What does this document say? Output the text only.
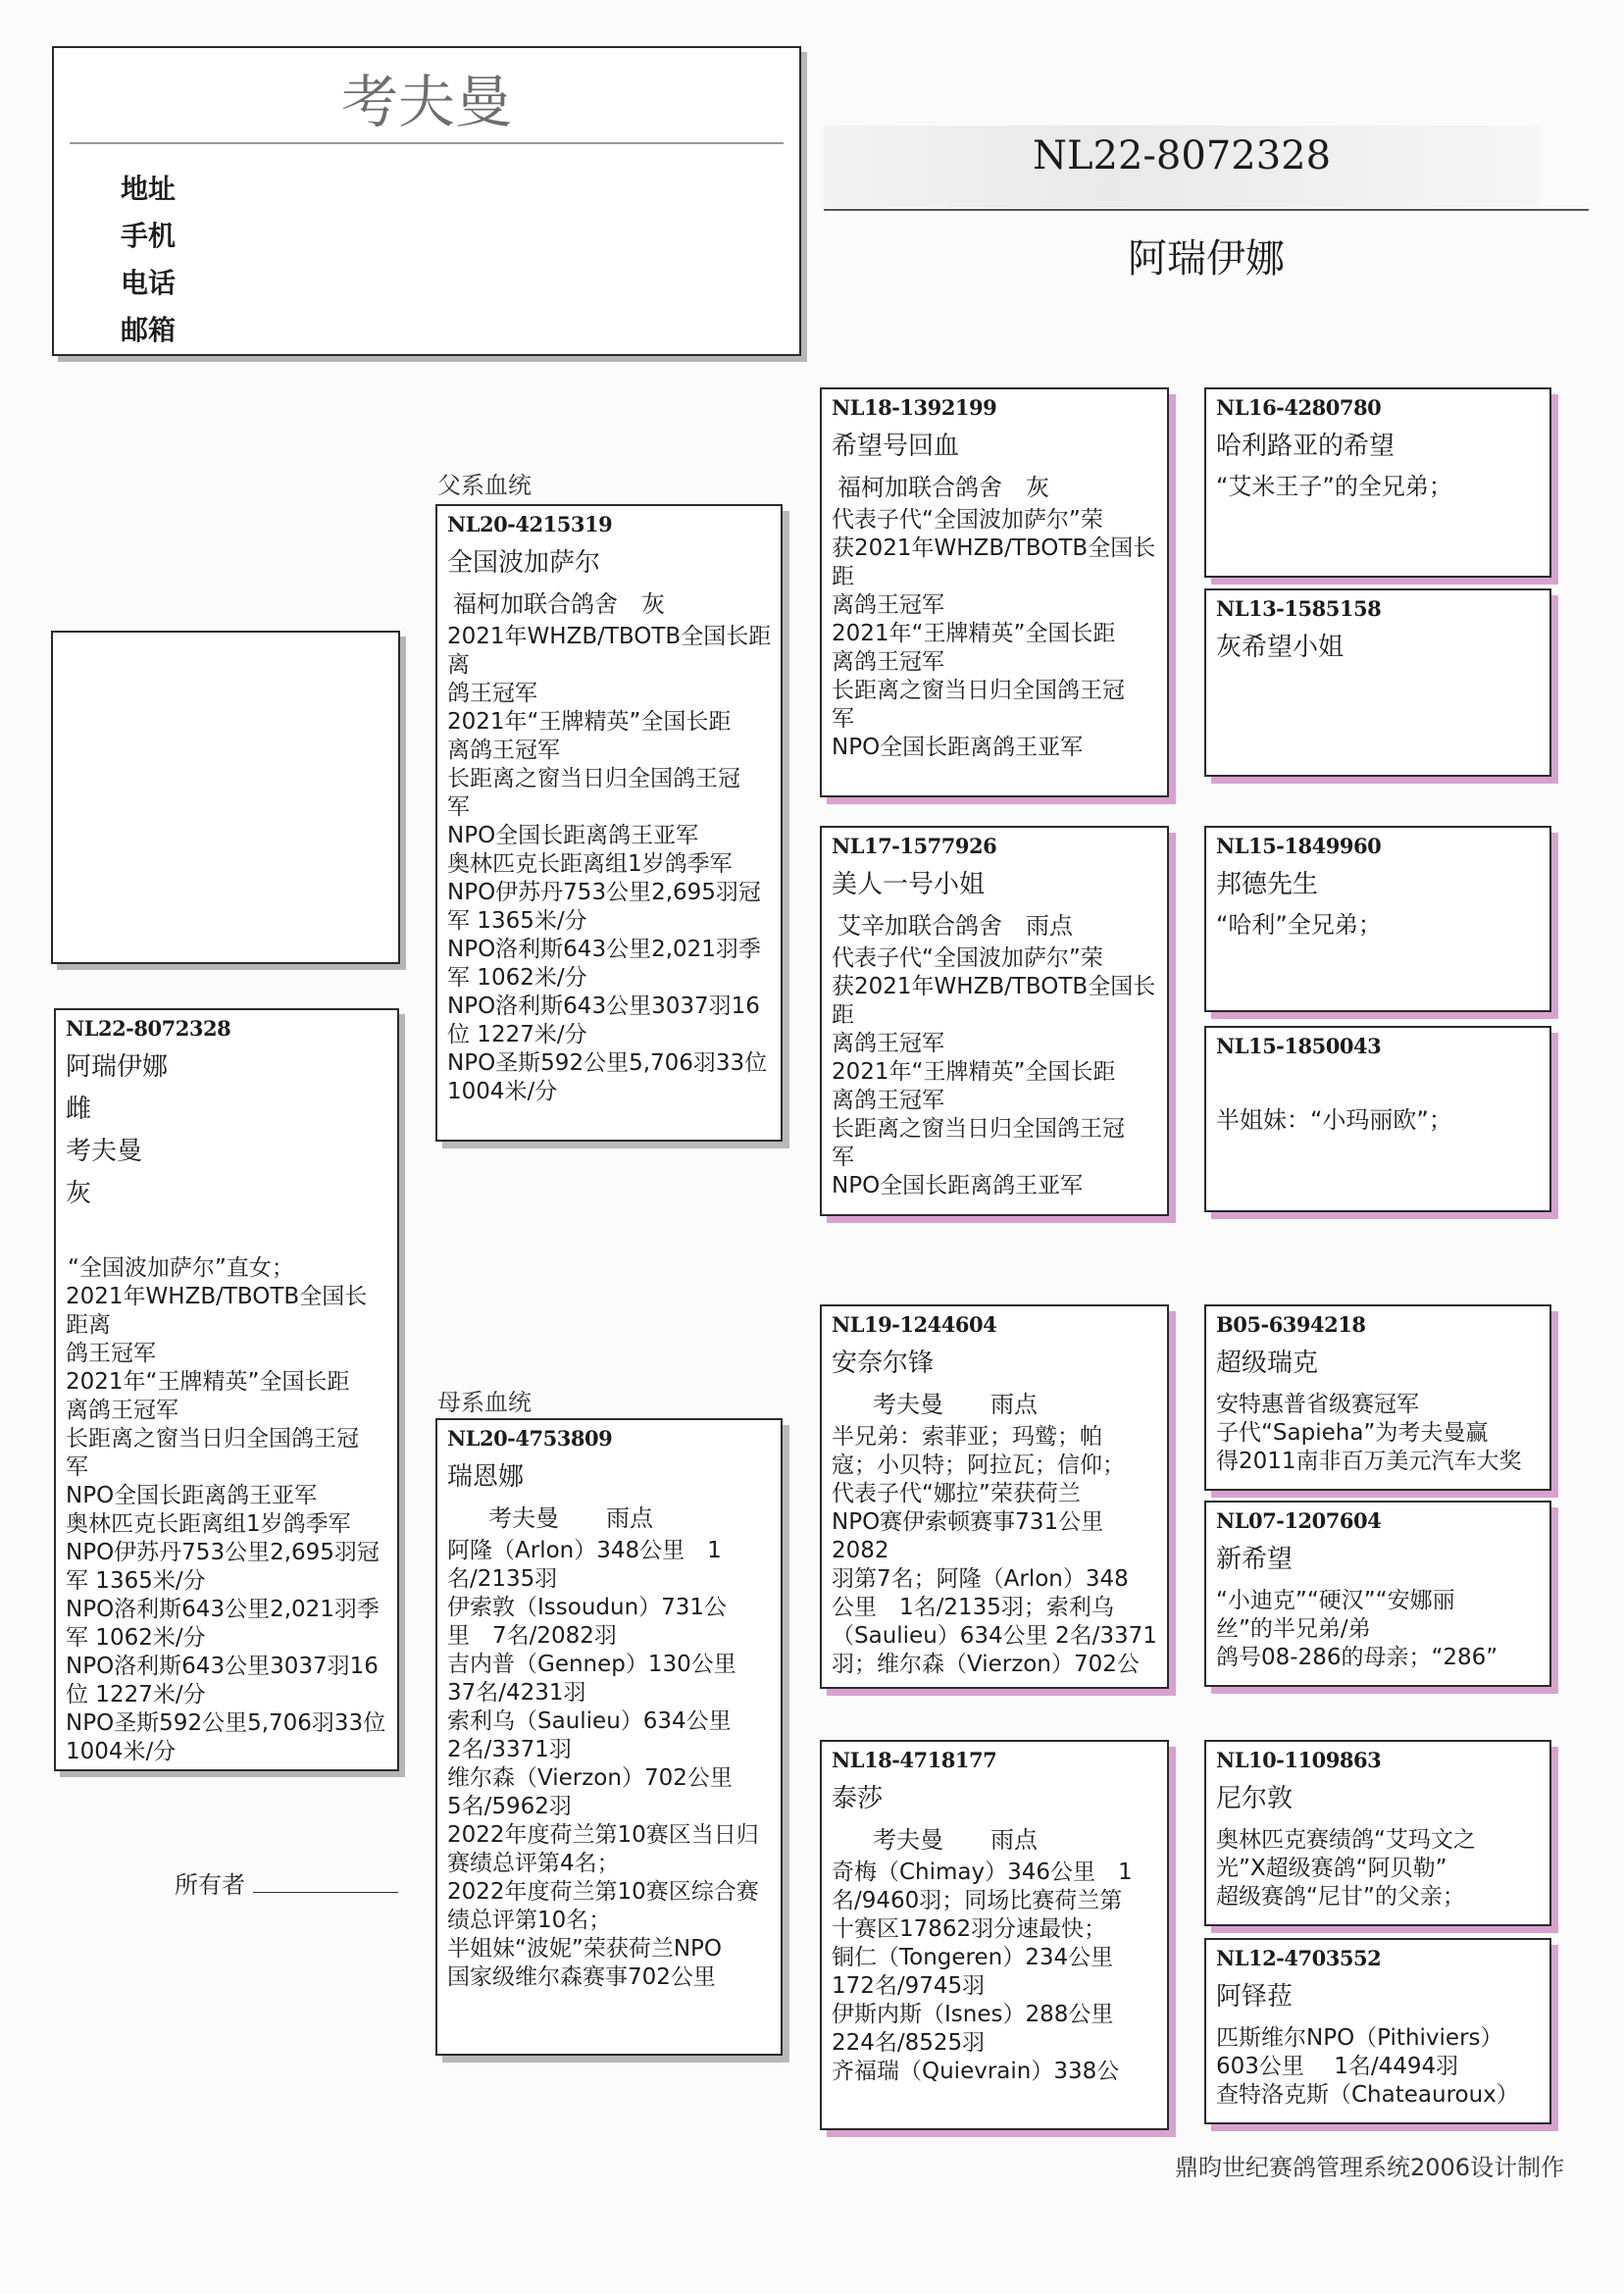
考夫曼
地址
手机
电话
邮箱
NL22-8072328
阿瑞伊娜
父系血统
母系血统
NL22-8072328
阿瑞伊娜
雌
考夫曼
灰
“全国波加萨尔”直女；
2021年WHZB/TBOTB全国长距离
鸽王冠军
2021年“王牌精英”全国长距
离鸽王冠军
长距离之窗当日归全国鸽王冠
军
NPO全国长距离鸽王亚军
奥林匹克长距离组1岁鸽季军
NPO伊苏丹753公里2,695羽冠
军 1365米/分
NPO洛利斯643公里2,021羽季
军 1062米/分
NPO洛利斯643公里3037羽16
位 1227米/分
NPO圣斯592公里5,706羽33位
1004米/分
NL20-4215319
全国波加萨尔
福柯加联合鸽舍　灰
2021年WHZB/TBOTB全国长距离
鸽王冠军
2021年“王牌精英”全国长距
离鸽王冠军
长距离之窗当日归全国鸽王冠
军
NPO全国长距离鸽王亚军
奥林匹克长距离组1岁鸽季军
NPO伊苏丹753公里2,695羽冠
军 1365米/分
NPO洛利斯643公里2,021羽季
军 1062米/分
NPO洛利斯643公里3037羽16
位 1227米/分
NPO圣斯592公里5,706羽33位
1004米/分
NL20-4753809
瑞恩娜
考夫曼　　雨点
阿隆（Arlon）348公里　1
名/2135羽
伊索敦（Issoudun）731公
里　7名/2082羽
吉内普（Gennep）130公里
37名/4231羽
索利乌（Saulieu）634公里
2名/3371羽
维尔森（Vierzon）702公里
5名/5962羽
2022年度荷兰第10赛区当日归
赛绩总评第4名；
2022年度荷兰第10赛区综合赛
绩总评第10名；
半姐妹“波妮”荣获荷兰NPO
国家级维尔森赛事702公里
NL18-1392199
希望号回血
福柯加联合鸽舍　灰
代表子代“全国波加萨尔”荣
获2021年WHZB/TBOTB全国长距
离鸽王冠军
2021年“王牌精英”全国长距
离鸽王冠军
长距离之窗当日归全国鸽王冠
军
NPO全国长距离鸽王亚军
NL17-1577926
美人一号小姐
艾辛加联合鸽舍　雨点
代表子代“全国波加萨尔”荣
获2021年WHZB/TBOTB全国长距
离鸽王冠军
2021年“王牌精英”全国长距
离鸽王冠军
长距离之窗当日归全国鸽王冠
军
NPO全国长距离鸽王亚军
NL19-1244604
安奈尔锋
考夫曼　　雨点
半兄弟：索菲亚；玛鹫；帕
寇；小贝特；阿拉瓦；信仰；
代表子代“娜拉”荣获荷兰
NPO赛伊索顿赛事731公里2082
羽第7名；阿隆（Arlon）348
公里　1名/2135羽；索利乌
（Saulieu）634公里 2名/3371
羽；维尔森（Vierzon）702公
NL18-4718177
泰莎
考夫曼　　雨点
奇梅（Chimay）346公里　1
名/9460羽；同场比赛荷兰第
十赛区17862羽分速最快；
铜仁（Tongeren）234公里
172名/9745羽
伊斯内斯（Isnes）288公里
224名/8525羽
齐福瑞（Quievrain）338公
NL16-4280780
哈利路亚的希望
“艾米王子”的全兄弟；
NL13-1585158
灰希望小姐
NL15-1849960
邦德先生
“哈利”全兄弟；
NL15-1850043
半姐妹：“小玛丽欧”；
B05-6394218
超级瑞克
安特惠普省级赛冠军
子代“Sapieha”为考夫曼赢
得2011南非百万美元汽车大奖
NL07-1207604
新希望
“小迪克”“硬汉”“安娜丽
丝”的半兄弟/弟
鸽号08-286的母亲；“286”
NL10-1109863
尼尔敦
奥林匹克赛绩鸽“艾玛文之
光”X超级赛鸽“阿贝勒”
超级赛鸽“尼甘”的父亲；
NL12-4703552
阿铎菈
匹斯维尔NPO（Pithiviers）
603公里　 1名/4494羽
查特洛克斯（Chateauroux）
所有者
鼎昀世纪赛鸽管理系统2006设计制作
